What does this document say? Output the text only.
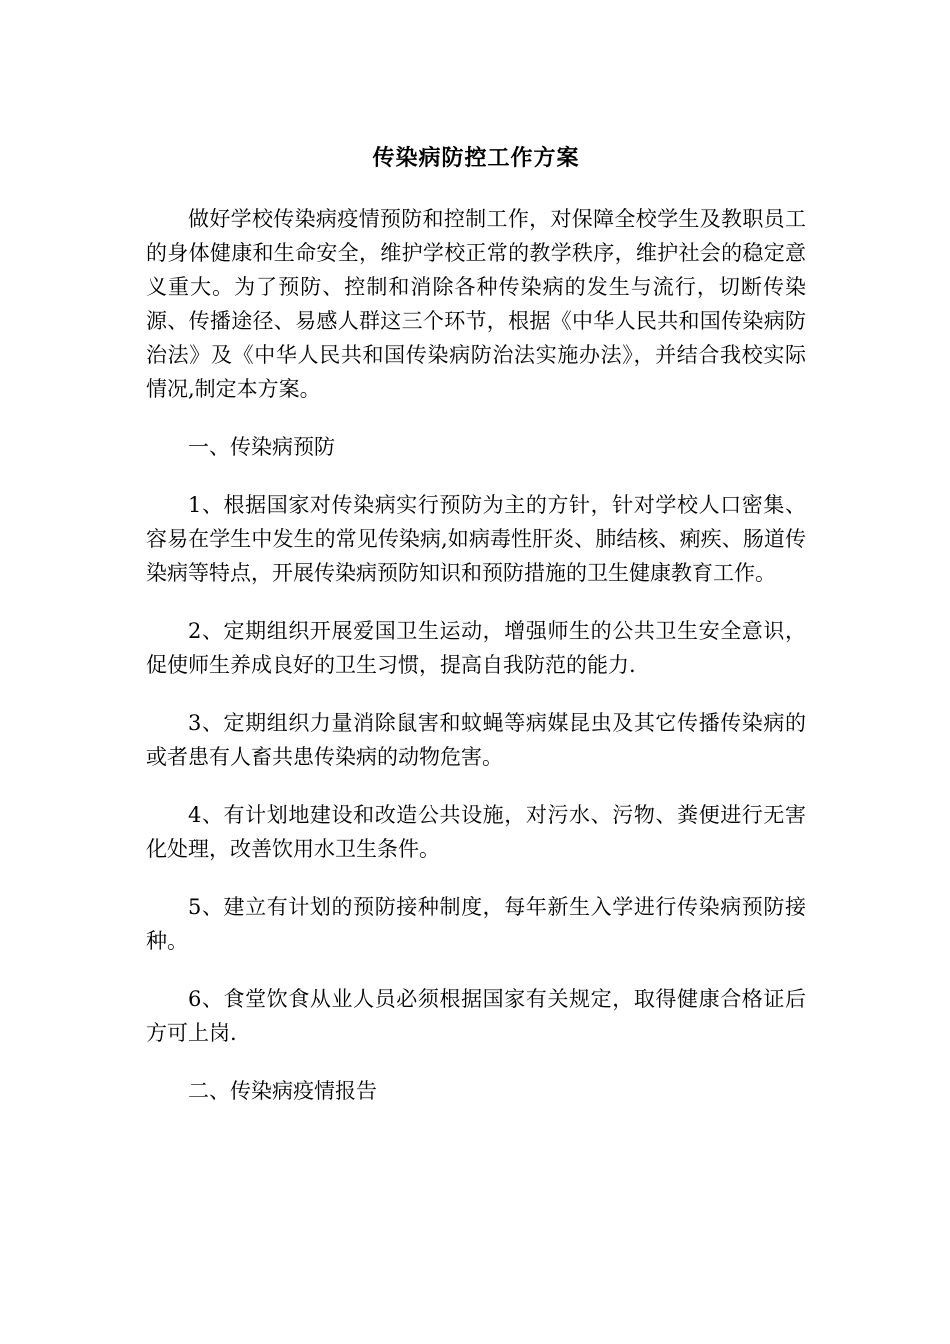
传染病防控工作方案

做好学校传染病疫情预防和控制工作，对保障全校学生及教职员工的身体健康和生命安全，维护学校正常的教学秩序，维护社会的稳定意义重大。为了预防、控制和消除各种传染病的发生与流行，切断传染源、传播途径、易感人群这三个环节，根据《中华人民共和国传染病防治法》及《中华人民共和国传染病防治法实施办法》，并结合我校实际情况,制定本方案。

一、传染病预防

1、根据国家对传染病实行预防为主的方针，针对学校人口密集、容易在学生中发生的常见传染病,如病毒性肝炎、肺结核、痢疾、肠道传染病等特点，开展传染病预防知识和预防措施的卫生健康教育工作。

2、定期组织开展爱国卫生运动，增强师生的公共卫生安全意识，促使师生养成良好的卫生习惯，提高自我防范的能力.

3、定期组织力量消除鼠害和蚊蝇等病媒昆虫及其它传播传染病的或者患有人畜共患传染病的动物危害。

4、有计划地建设和改造公共设施，对污水、污物、粪便进行无害化处理，改善饮用水卫生条件。

5、建立有计划的预防接种制度，每年新生入学进行传染病预防接种。

6、食堂饮食从业人员必须根据国家有关规定，取得健康合格证后方可上岗.

二、传染病疫情报告
